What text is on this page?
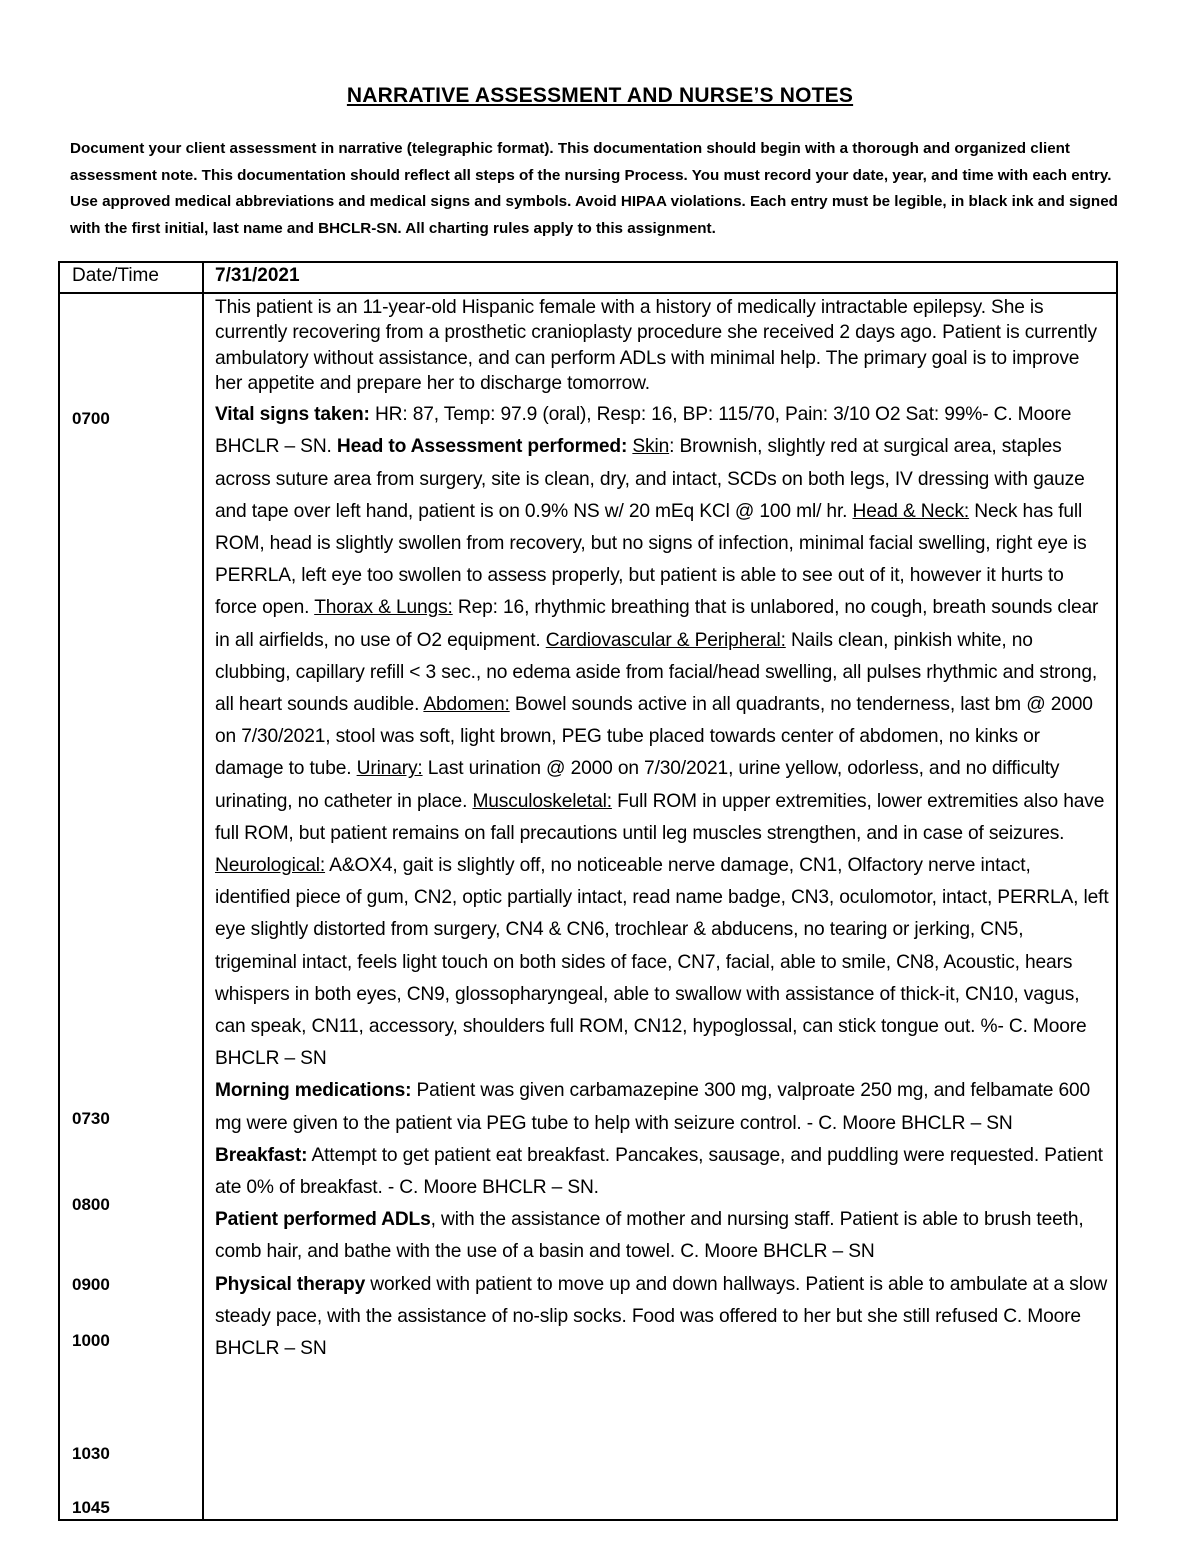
NARRATIVE ASSESSMENT AND NURSE’S NOTES
Document your client assessment in narrative (telegraphic format). This documentation should begin with a thorough and organized client assessment note. This documentation should reflect all steps of the nursing Process. You must record your date, year, and time with each entry. Use approved medical abbreviations and medical signs and symbols. Avoid HIPAA violations. Each entry must be legible, in black ink and signed with the first initial, last name and BHCLR-SN. All charting rules apply to this assignment.
Date/Time	7/31/2021
0700
0730
0800
0900
1000
1030
1045
This patient is an 11-year-old Hispanic female with a history of medically intractable epilepsy. She is currently recovering from a prosthetic cranioplasty procedure she received 2 days ago. Patient is currently ambulatory without assistance, and can perform ADLs with minimal help. The primary goal is to improve her appetite and prepare her to discharge tomorrow.
Vital signs taken: HR: 87, Temp: 97.9 (oral), Resp: 16, BP: 115/70, Pain: 3/10 O2 Sat: 99%- C. Moore BHCLR – SN. Head to Assessment performed: Skin: Brownish, slightly red at surgical area, staples across suture area from surgery, site is clean, dry, and intact, SCDs on both legs, IV dressing with gauze and tape over left hand, patient is on 0.9% NS w/ 20 mEq KCl @ 100 ml/ hr. Head & Neck: Neck has full ROM, head is slightly swollen from recovery, but no signs of infection, minimal facial swelling, right eye is PERRLA, left eye too swollen to assess properly, but patient is able to see out of it, however it hurts to force open. Thorax & Lungs: Rep: 16, rhythmic breathing that is unlabored, no cough, breath sounds clear in all airfields, no use of O2 equipment. Cardiovascular & Peripheral: Nails clean, pinkish white, no clubbing, capillary refill < 3 sec., no edema aside from facial/head swelling, all pulses rhythmic and strong, all heart sounds audible. Abdomen: Bowel sounds active in all quadrants, no tenderness, last bm @ 2000 on 7/30/2021, stool was soft, light brown, PEG tube placed towards center of abdomen, no kinks or damage to tube. Urinary: Last urination @ 2000 on 7/30/2021, urine yellow, odorless, and no difficulty urinating, no catheter in place. Musculoskeletal: Full ROM in upper extremities, lower extremities also have full ROM, but patient remains on fall precautions until leg muscles strengthen, and in case of seizures. Neurological: A&OX4, gait is slightly off, no noticeable nerve damage, CN1, Olfactory nerve intact, identified piece of gum, CN2, optic partially intact, read name badge, CN3, oculomotor, intact, PERRLA, left eye slightly distorted from surgery, CN4 & CN6, trochlear & abducens, no tearing or jerking, CN5, trigeminal intact, feels light touch on both sides of face, CN7, facial, able to smile, CN8, Acoustic, hears whispers in both eyes, CN9, glossopharyngeal, able to swallow with assistance of thick-it, CN10, vagus, can speak, CN11, accessory, shoulders full ROM, CN12, hypoglossal, can stick tongue out. %- C. Moore BHCLR – SN
Morning medications: Patient was given carbamazepine 300 mg, valproate 250 mg, and felbamate 600 mg were given to the patient via PEG tube to help with seizure control. - C. Moore BHCLR – SN
Breakfast: Attempt to get patient eat breakfast. Pancakes, sausage, and puddling were requested. Patient ate 0% of breakfast. - C. Moore BHCLR – SN.
Patient performed ADLs, with the assistance of mother and nursing staff. Patient is able to brush teeth, comb hair, and bathe with the use of a basin and towel. C. Moore BHCLR – SN
Physical therapy worked with patient to move up and down hallways. Patient is able to ambulate at a slow steady pace, with the assistance of no-slip socks. Food was offered to her but she still refused C. Moore BHCLR – SN
